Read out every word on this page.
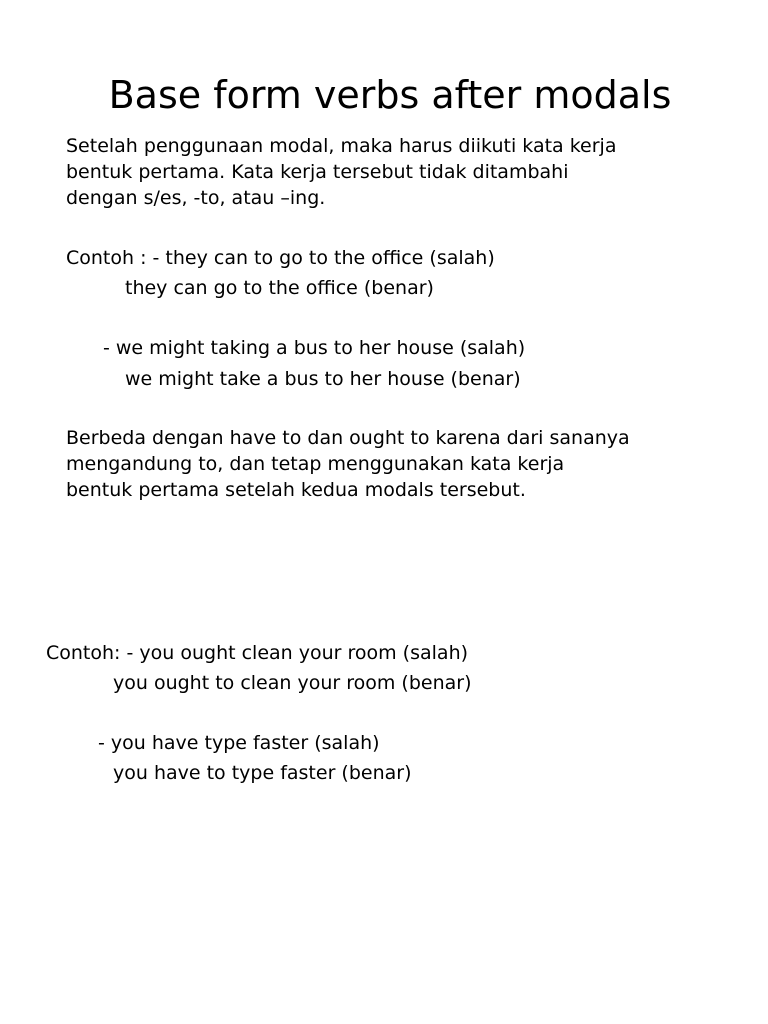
Base form verbs after modals

Setelah penggunaan modal, maka harus diikuti kata kerja

bentuk pertama. Kata kerja tersebut tidak ditambahi

dengan s/es, -to, atau –ing.

Contoh : - they can to go to the office (salah)
they can go to the office (benar)
- we might taking a bus to her house (salah)
we might take a bus to her house (benar)

Berbeda dengan have to dan ought to karena dari sananya

mengandung to, dan tetap menggunakan kata kerja

bentuk pertama setelah kedua modals tersebut.

Contoh: - you ought clean your room (salah)
you ought to clean your room (benar)
- you have type faster (salah)
you have to type faster (benar)
